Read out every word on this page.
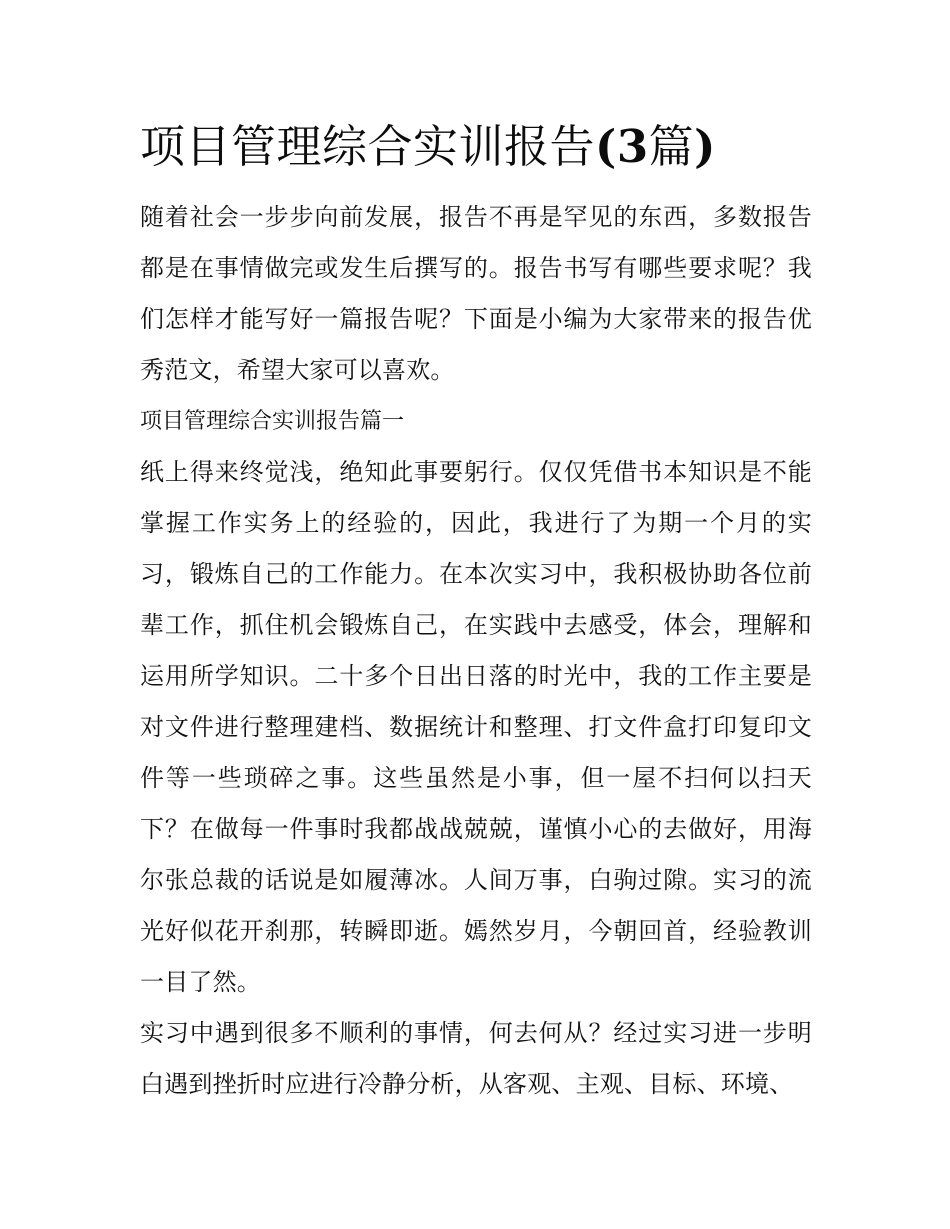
项目管理综合实训报告(3篇)

随着社会一步步向前发展，报告不再是罕见的东西，多数报告都是在事情做完或发生后撰写的。报告书写有哪些要求呢？我们怎样才能写好一篇报告呢？下面是小编为大家带来的报告优秀范文，希望大家可以喜欢。

项目管理综合实训报告篇一

纸上得来终觉浅，绝知此事要躬行。仅仅凭借书本知识是不能掌握工作实务上的经验的，因此，我进行了为期一个月的实习，锻炼自己的工作能力。在本次实习中，我积极协助各位前辈工作，抓住机会锻炼自己，在实践中去感受，体会，理解和运用所学知识。二十多个日出日落的时光中，我的工作主要是对文件进行整理建档、数据统计和整理、打文件盒打印复印文件等一些琐碎之事。这些虽然是小事，但一屋不扫何以扫天下？在做每一件事时我都战战兢兢，谨慎小心的去做好，用海尔张总裁的话说是如履薄冰。人间万事，白驹过隙。实习的流光好似花开刹那，转瞬即逝。嫣然岁月，今朝回首，经验教训一目了然。

实习中遇到很多不顺利的事情，何去何从？经过实习进一步明白遇到挫折时应进行冷静分析，从客观、主观、目标、环境、
